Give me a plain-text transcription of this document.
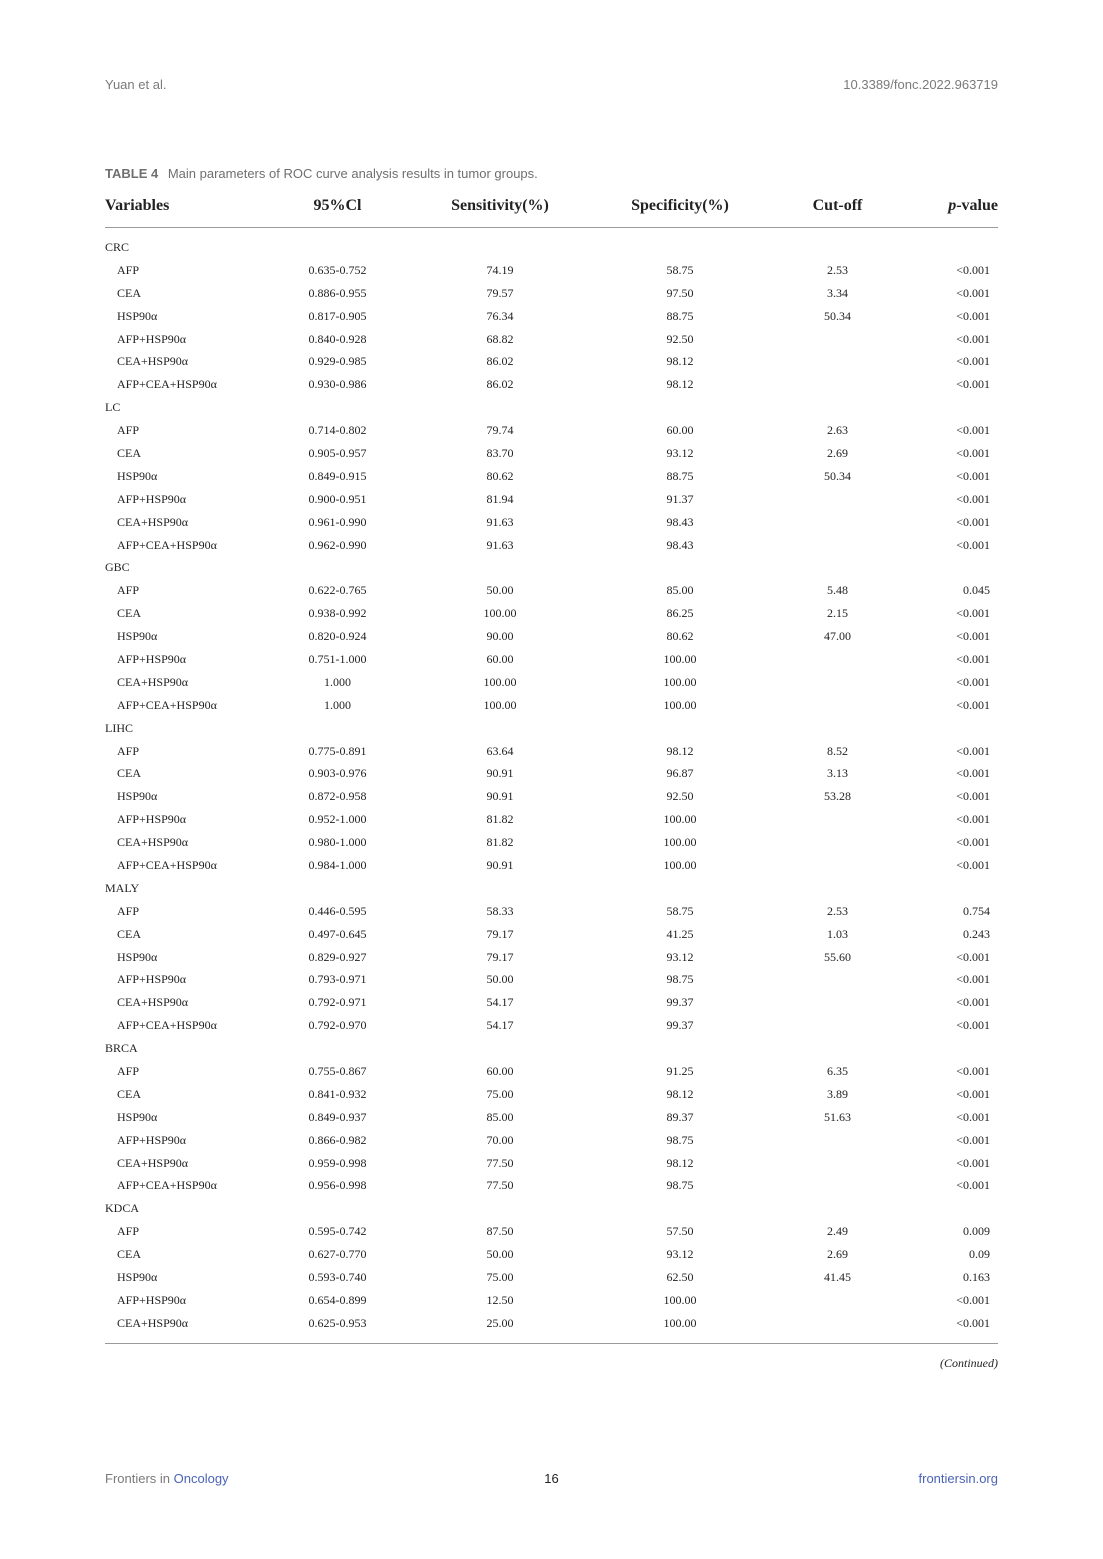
Yuan et al.	10.3389/fonc.2022.963719
TABLE 4 Main parameters of ROC curve analysis results in tumor groups.
Variables	95%Cl	Sensitivity(%)	Specificity(%)	Cut-off	p-value
CRC					
AFP	0.635-0.752	74.19	58.75	2.53	<0.001
CEA	0.886-0.955	79.57	97.50	3.34	<0.001
HSP90α	0.817-0.905	76.34	88.75	50.34	<0.001
AFP+HSP90α	0.840-0.928	68.82	92.50		<0.001
CEA+HSP90α	0.929-0.985	86.02	98.12		<0.001
AFP+CEA+HSP90α	0.930-0.986	86.02	98.12		<0.001
LC					
AFP	0.714-0.802	79.74	60.00	2.63	<0.001
CEA	0.905-0.957	83.70	93.12	2.69	<0.001
HSP90α	0.849-0.915	80.62	88.75	50.34	<0.001
AFP+HSP90α	0.900-0.951	81.94	91.37		<0.001
CEA+HSP90α	0.961-0.990	91.63	98.43		<0.001
AFP+CEA+HSP90α	0.962-0.990	91.63	98.43		<0.001
GBC					
AFP	0.622-0.765	50.00	85.00	5.48	0.045
CEA	0.938-0.992	100.00	86.25	2.15	<0.001
HSP90α	0.820-0.924	90.00	80.62	47.00	<0.001
AFP+HSP90α	0.751-1.000	60.00	100.00		<0.001
CEA+HSP90α	1.000	100.00	100.00		<0.001
AFP+CEA+HSP90α	1.000	100.00	100.00		<0.001
LIHC					
AFP	0.775-0.891	63.64	98.12	8.52	<0.001
CEA	0.903-0.976	90.91	96.87	3.13	<0.001
HSP90α	0.872-0.958	90.91	92.50	53.28	<0.001
AFP+HSP90α	0.952-1.000	81.82	100.00		<0.001
CEA+HSP90α	0.980-1.000	81.82	100.00		<0.001
AFP+CEA+HSP90α	0.984-1.000	90.91	100.00		<0.001
MALY					
AFP	0.446-0.595	58.33	58.75	2.53	0.754
CEA	0.497-0.645	79.17	41.25	1.03	0.243
HSP90α	0.829-0.927	79.17	93.12	55.60	<0.001
AFP+HSP90α	0.793-0.971	50.00	98.75		<0.001
CEA+HSP90α	0.792-0.971	54.17	99.37		<0.001
AFP+CEA+HSP90α	0.792-0.970	54.17	99.37		<0.001
BRCA					
AFP	0.755-0.867	60.00	91.25	6.35	<0.001
CEA	0.841-0.932	75.00	98.12	3.89	<0.001
HSP90α	0.849-0.937	85.00	89.37	51.63	<0.001
AFP+HSP90α	0.866-0.982	70.00	98.75		<0.001
CEA+HSP90α	0.959-0.998	77.50	98.12		<0.001
AFP+CEA+HSP90α	0.956-0.998	77.50	98.75		<0.001
KDCA					
AFP	0.595-0.742	87.50	57.50	2.49	0.009
CEA	0.627-0.770	50.00	93.12	2.69	0.09
HSP90α	0.593-0.740	75.00	62.50	41.45	0.163
AFP+HSP90α	0.654-0.899	12.50	100.00		<0.001
CEA+HSP90α	0.625-0.953	25.00	100.00		<0.001
(Continued)
Frontiers in Oncology	16	frontiersin.org
